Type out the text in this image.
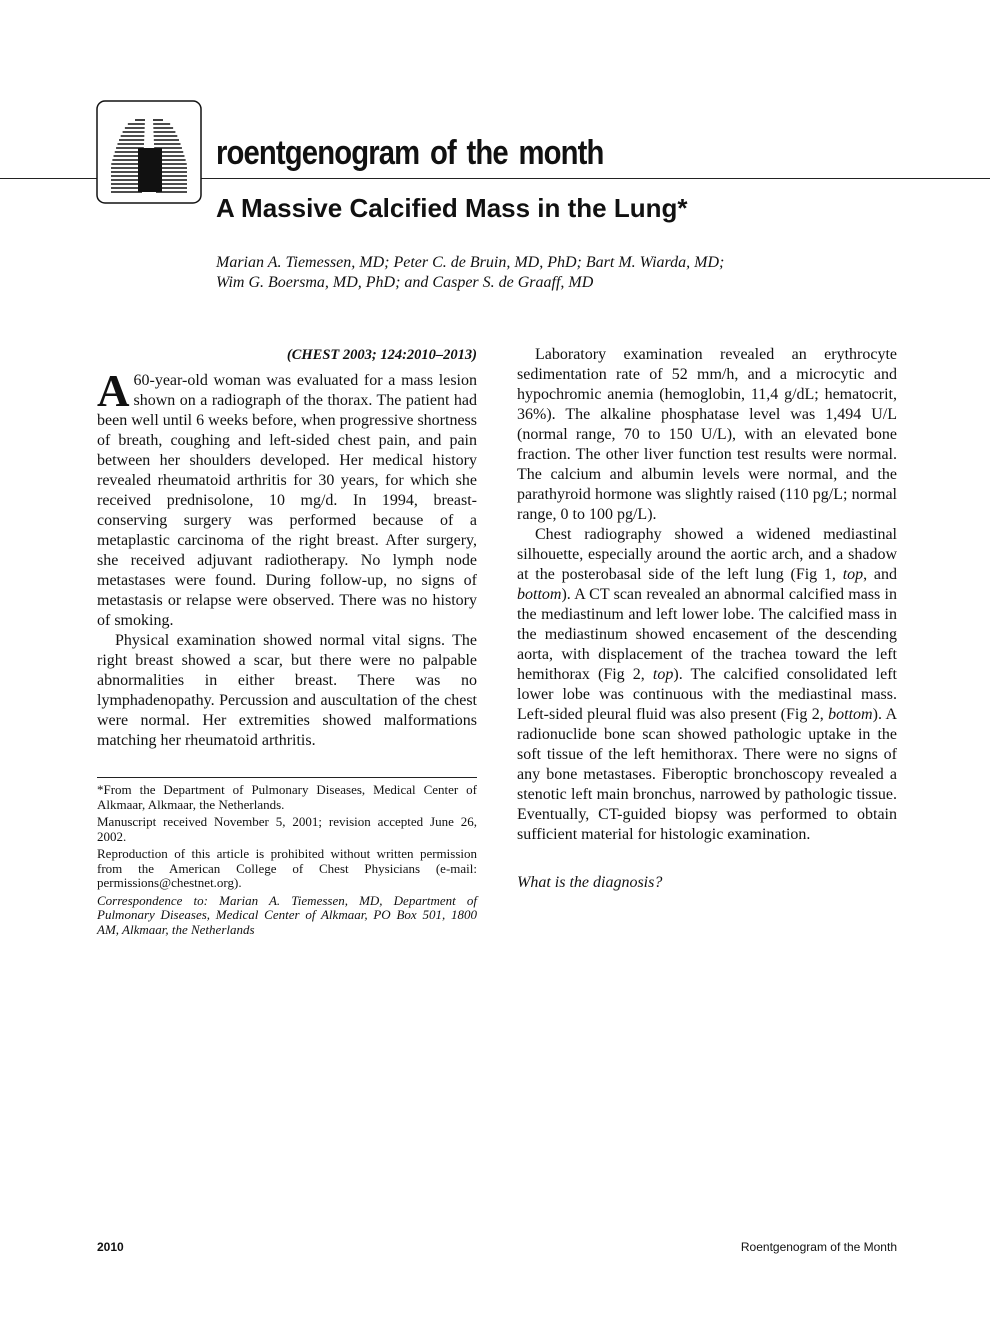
roentgenogram of the month
A Massive Calcified Mass in the Lung*
Marian A. Tiemessen, MD; Peter C. de Bruin, MD, PhD; Bart M. Wiarda, MD;
Wim G. Boersma, MD, PhD; and Casper S. de Graaff, MD

(CHEST 2003; 124:2010–2013)

A 60-year-old woman was evaluated for a mass lesion shown on a radiograph of the thorax. The patient had been well until 6 weeks before, when progressive shortness of breath, coughing and left-sided chest pain, and pain between her shoulders developed. Her medical history revealed rheumatoid arthritis for 30 years, for which she received prednisolone, 10 mg/d. In 1994, breast-conserving surgery was performed because of a metaplastic carcinoma of the right breast. After surgery, she received adjuvant radiotherapy. No lymph node metastases were found. During follow-up, no signs of metastasis or relapse were observed. There was no history of smoking.

Physical examination showed normal vital signs. The right breast showed a scar, but there were no palpable abnormalities in either breast. There was no lymphadenopathy. Percussion and auscultation of the chest were normal. Her extremities showed malformations matching her rheumatoid arthritis.

*From the Department of Pulmonary Diseases, Medical Center of Alkmaar, Alkmaar, the Netherlands.

Manuscript received November 5, 2001; revision accepted June 26, 2002.

Reproduction of this article is prohibited without written permission from the American College of Chest Physicians (e-mail: permissions@chestnet.org).

Correspondence to: Marian A. Tiemessen, MD, Department of Pulmonary Diseases, Medical Center of Alkmaar, PO Box 501, 1800 AM, Alkmaar, the Netherlands

Laboratory examination revealed an erythrocyte sedimentation rate of 52 mm/h, and a microcytic and hypochromic anemia (hemoglobin, 11,4 g/dL; hematocrit, 36%). The alkaline phosphatase level was 1,494 U/L (normal range, 70 to 150 U/L), with an elevated bone fraction. The other liver function test results were normal. The calcium and albumin levels were normal, and the parathyroid hormone was slightly raised (110 pg/L; normal range, 0 to 100 pg/L).

Chest radiography showed a widened mediastinal silhouette, especially around the aortic arch, and a shadow at the posterobasal side of the left lung (Fig 1, top, and bottom). A CT scan revealed an abnormal calcified mass in the mediastinum and left lower lobe. The calcified mass in the mediastinum showed encasement of the descending aorta, with displacement of the trachea toward the left hemithorax (Fig 2, top). The calcified consolidated left lower lobe was continuous with the mediastinal mass. Left-sided pleural fluid was also present (Fig 2, bottom). A radionuclide bone scan showed pathologic uptake in the soft tissue of the left hemithorax. There were no signs of any bone metastases. Fiberoptic bronchoscopy revealed a stenotic left main bronchus, narrowed by pathologic tissue. Eventually, CT-guided biopsy was performed to obtain sufficient material for histologic examination.

What is the diagnosis?

2010	Roentgenogram of the Month
